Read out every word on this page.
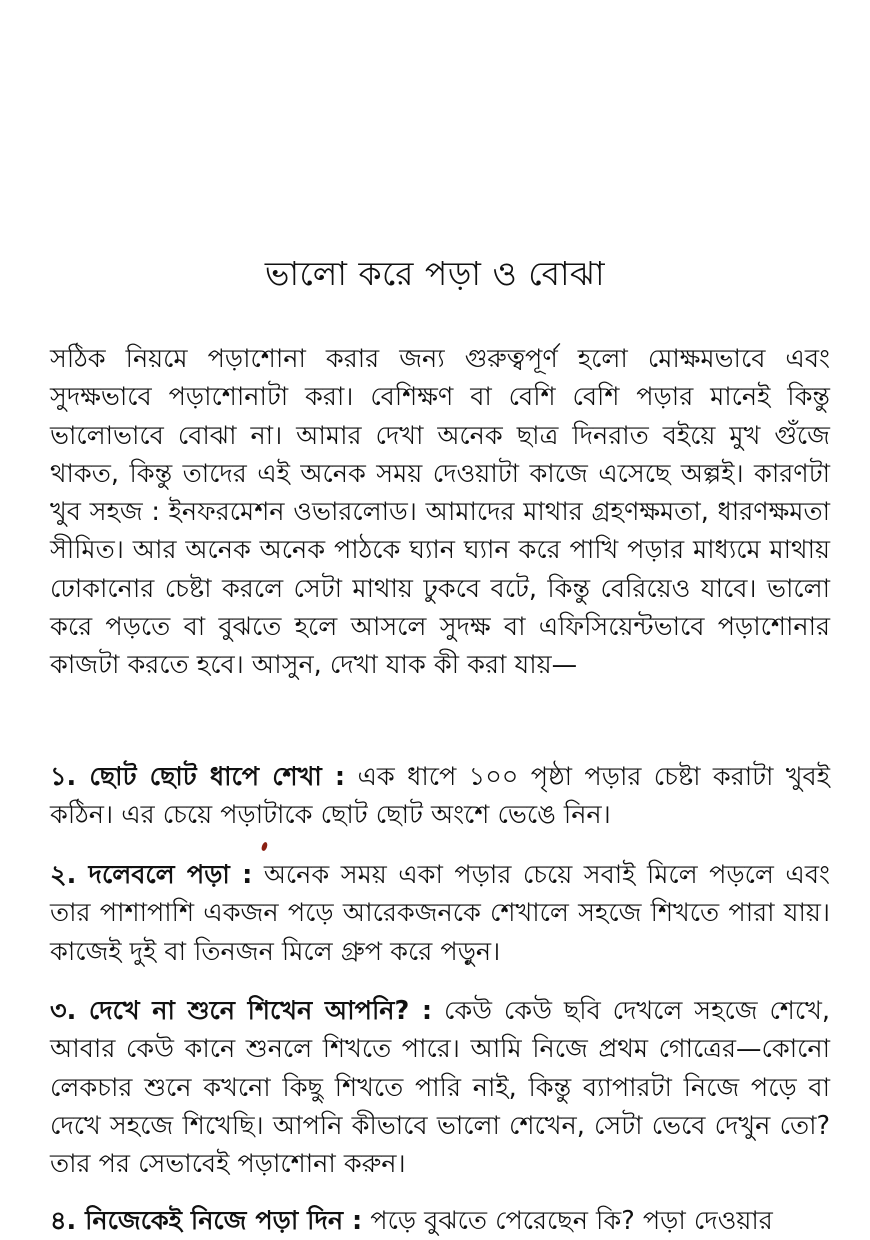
ভালো করে পড়া ও বোঝা
সঠিক নিয়মে পড়াশোনা করার জন্য গুরুত্বপূর্ণ হলো মোক্ষমভাবে এবং সুদক্ষভাবে পড়াশোনাটা করা। বেশিক্ষণ বা বেশি বেশি পড়ার মানেই কিন্তু ভালোভাবে বোঝা না। আমার দেখা অনেক ছাত্র দিনরাত বইয়ে মুখ গুঁজে থাকত, কিন্তু তাদের এই অনেক সময় দেওয়াটা কাজে এসেছে অল্পই। কারণটা খুব সহজ : ইনফরমেশন ওভারলোড। আমাদের মাথার গ্রহণক্ষমতা, ধারণক্ষমতা সীমিত। আর অনেক অনেক পাঠকে ঘ্যান ঘ্যান করে পাখি পড়ার মাধ্যমে মাথায় ঢোকানোর চেষ্টা করলে সেটা মাথায় ঢুকবে বটে, কিন্তু বেরিয়েও যাবে। ভালো করে পড়তে বা বুঝতে হলে আসলে সুদক্ষ বা এফিসিয়েন্টভাবে পড়াশোনার কাজটা করতে হবে। আসুন, দেখা যাক কী করা যায়—
১. ছোট ছোট ধাপে শেখা : এক ধাপে ১০০ পৃষ্ঠা পড়ার চেষ্টা করাটা খুবই কঠিন। এর চেয়ে পড়াটাকে ছোট ছোট অংশে ভেঙে নিন।
২. দলেবলে পড়া : অনেক সময় একা পড়ার চেয়ে সবাই মিলে পড়লে এবং তার পাশাপাশি একজন পড়ে আরেকজনকে শেখালে সহজে শিখতে পারা যায়। কাজেই দুই বা তিনজন মিলে গ্রুপ করে পড়ুন।
৩. দেখে না শুনে শিখেন আপনি? : কেউ কেউ ছবি দেখলে সহজে শেখে, আবার কেউ কানে শুনলে শিখতে পারে। আমি নিজে প্রথম গোত্রের—কোনো লেকচার শুনে কখনো কিছু শিখতে পারি নাই, কিন্তু ব্যাপারটা নিজে পড়ে বা দেখে সহজে শিখেছি। আপনি কীভাবে ভালো শেখেন, সেটা ভেবে দেখুন তো? তার পর সেভাবেই পড়াশোনা করুন।
৪. নিজেকেই নিজে পড়া দিন : পড়ে বুঝতে পেরেছেন কি? পড়া দেওয়ার
